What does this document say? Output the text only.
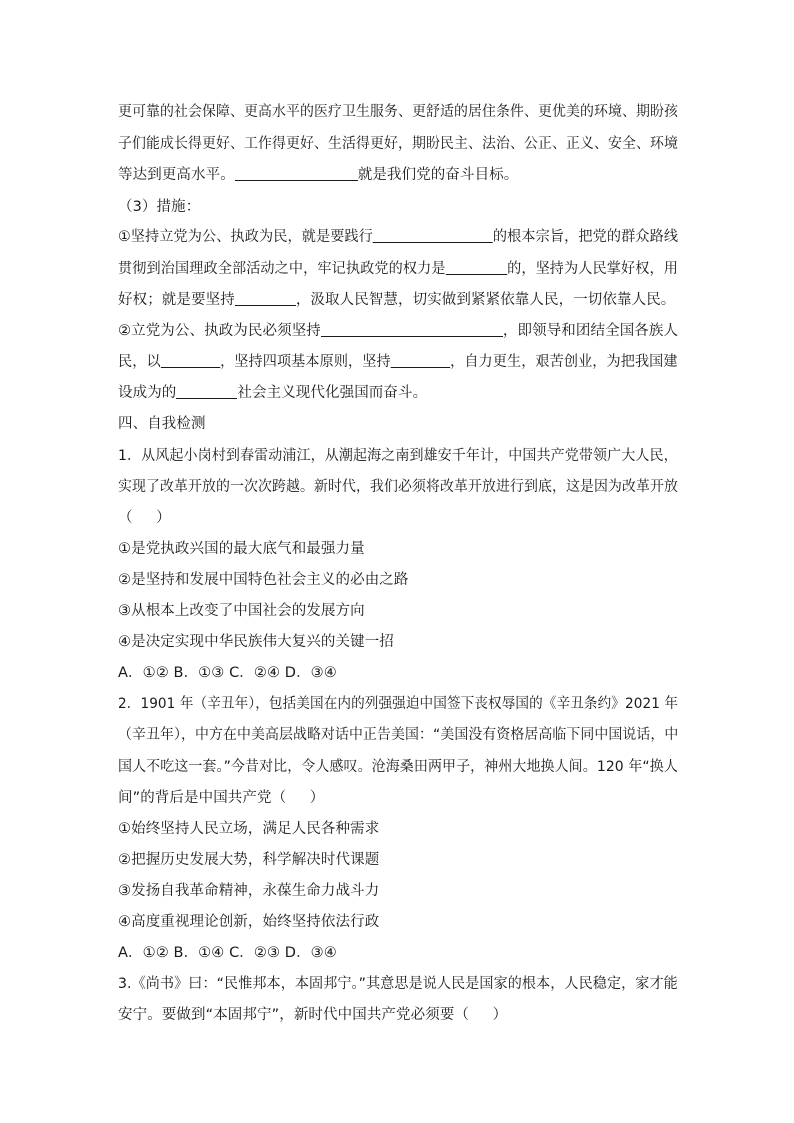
更可靠的社会保障、更高水平的医疗卫生服务、更舒适的居住条件、更优美的环境、期盼孩
子们能成长得更好、工作得更好、生活得更好，期盼民主、法治、公正、正义、安全、环境
等达到更高水平。	就是我们党的奋斗目标。
（3）措施：
①坚持立党为公、执政为民，就是要践行	的根本宗旨，把党的群众路线
贯彻到治国理政全部活动之中，牢记执政党的权力是	的，坚持为人民掌好权，用
好权；就是要坚持	，汲取人民智慧，切实做到紧紧依靠人民，一切依靠人民。
②立党为公、执政为民必须坚持	，即领导和团结全国各族人
民，以	，坚持四项基本原则，坚持	，自力更生，艰苦创业，为把我国建
设成为的	社会主义现代化强国而奋斗。
四、自我检测
1．从风起小岗村到春雷动浦江，从潮起海之南到雄安千年计，中国共产党带领广大人民，
实现了改革开放的一次次跨越。新时代，我们必须将改革开放进行到底，这是因为改革开放
（     ）
①是党执政兴国的最大底气和最强力量
②是坚持和发展中国特色社会主义的必由之路
③从根本上改变了中国社会的发展方向
④是决定实现中华民族伟大复兴的关键一招
A．①② B．①③ C．②④ D．③④
2．1901 年（辛丑年），包括美国在内的列强强迫中国签下丧权辱国的《辛丑条约》2021 年
（辛丑年），中方在中美高层战略对话中正告美国：“美国没有资格居高临下同中国说话，中
国人不吃这一套。”今昔对比，令人感叹。沧海桑田两甲子，神州大地换人间。120 年“换人
间”的背后是中国共产党（     ）
①始终坚持人民立场，满足人民各种需求
②把握历史发展大势，科学解决时代课题
③发扬自我革命精神，永葆生命力战斗力
④高度重视理论创新，始终坚持依法行政
A．①② B．①④ C．②③ D．③④
3.《尚书》曰：“民惟邦本，本固邦宁。”其意思是说人民是国家的根本，人民稳定，家才能
安宁。要做到“本固邦宁”，新时代中国共产党必须要（     ）
